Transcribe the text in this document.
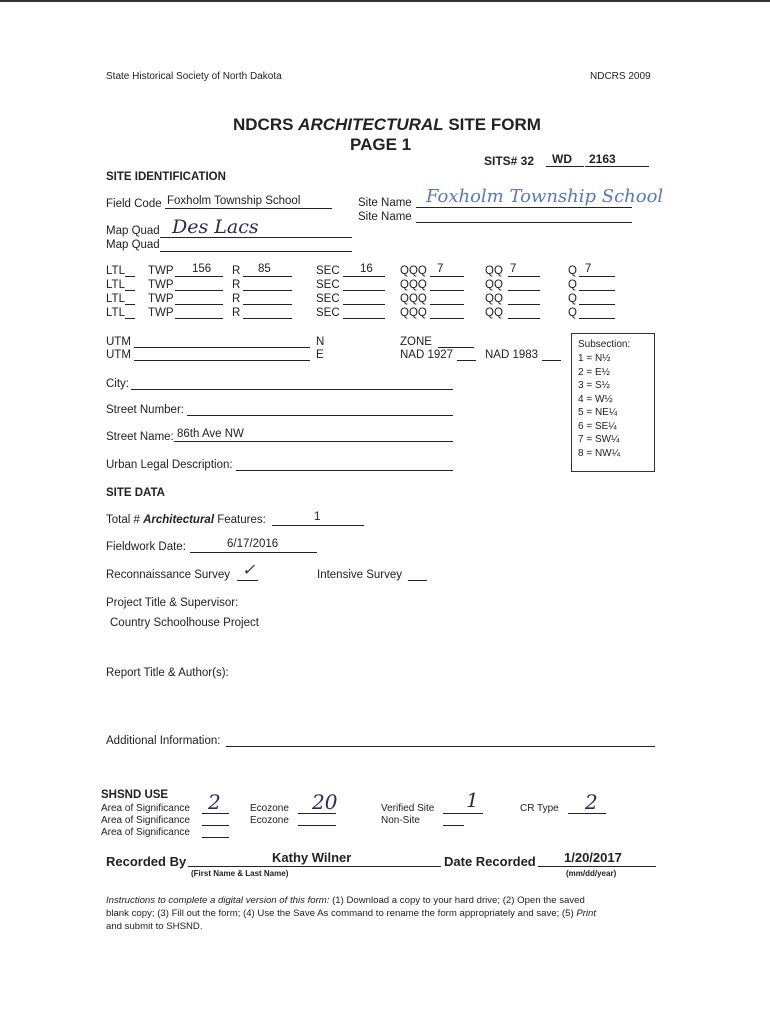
State Historical Society of North Dakota	NDCRS 2009
NDCRS ARCHITECTURAL SITE FORM
PAGE 1
SITS# 32 WD 2163
SITE IDENTIFICATION
Field Code Foxholm Township School	Site Name Foxholm Township School
Site Name
Map Quad Des Lacs
Map Quad
LTL TWP 156 R 85	SEC 16 QQQ 7	QQ 7	Q 7
LTL TWP	R	SEC	QQQ	QQ	Q
LTL TWP	R	SEC	QQQ	QQ	Q
LTL TWP	R	SEC	QQQ	QQ	Q
Subsection:
1 = N½
2 = E½
3 = S½
4 = W½
5 = NE¼
6 = SE¼
7 = SW¼
8 = NW¼
UTM	N
UTM	E
ZONE
NAD 1927	NAD 1983
City:
Street Number:
Street Name: 86th Ave NW
Urban Legal Description:
SITE DATA
Total # Architectural Features:	1
Fieldwork Date:	6/17/2016
Reconnaissance Survey ✓	Intensive Survey
Project Title & Supervisor:
Country Schoolhouse Project
Report Title & Author(s):
Additional Information:
SHSND USE
Area of Significance 2
Area of Significance
Area of Significance
Ecozone 20
Ecozone
Verified Site 1
Non-Site
CR Type 2
Recorded By	Kathy Wilner
(First Name & Last Name)
Date Recorded 1/20/2017
(mm/dd/year)
Instructions to complete a digital version of this form: (1) Download a copy to your hard drive; (2) Open the saved
blank copy; (3) Fill out the form; (4) Use the Save As command to rename the form appropriately and save; (5) Print
and submit to SHSND.
